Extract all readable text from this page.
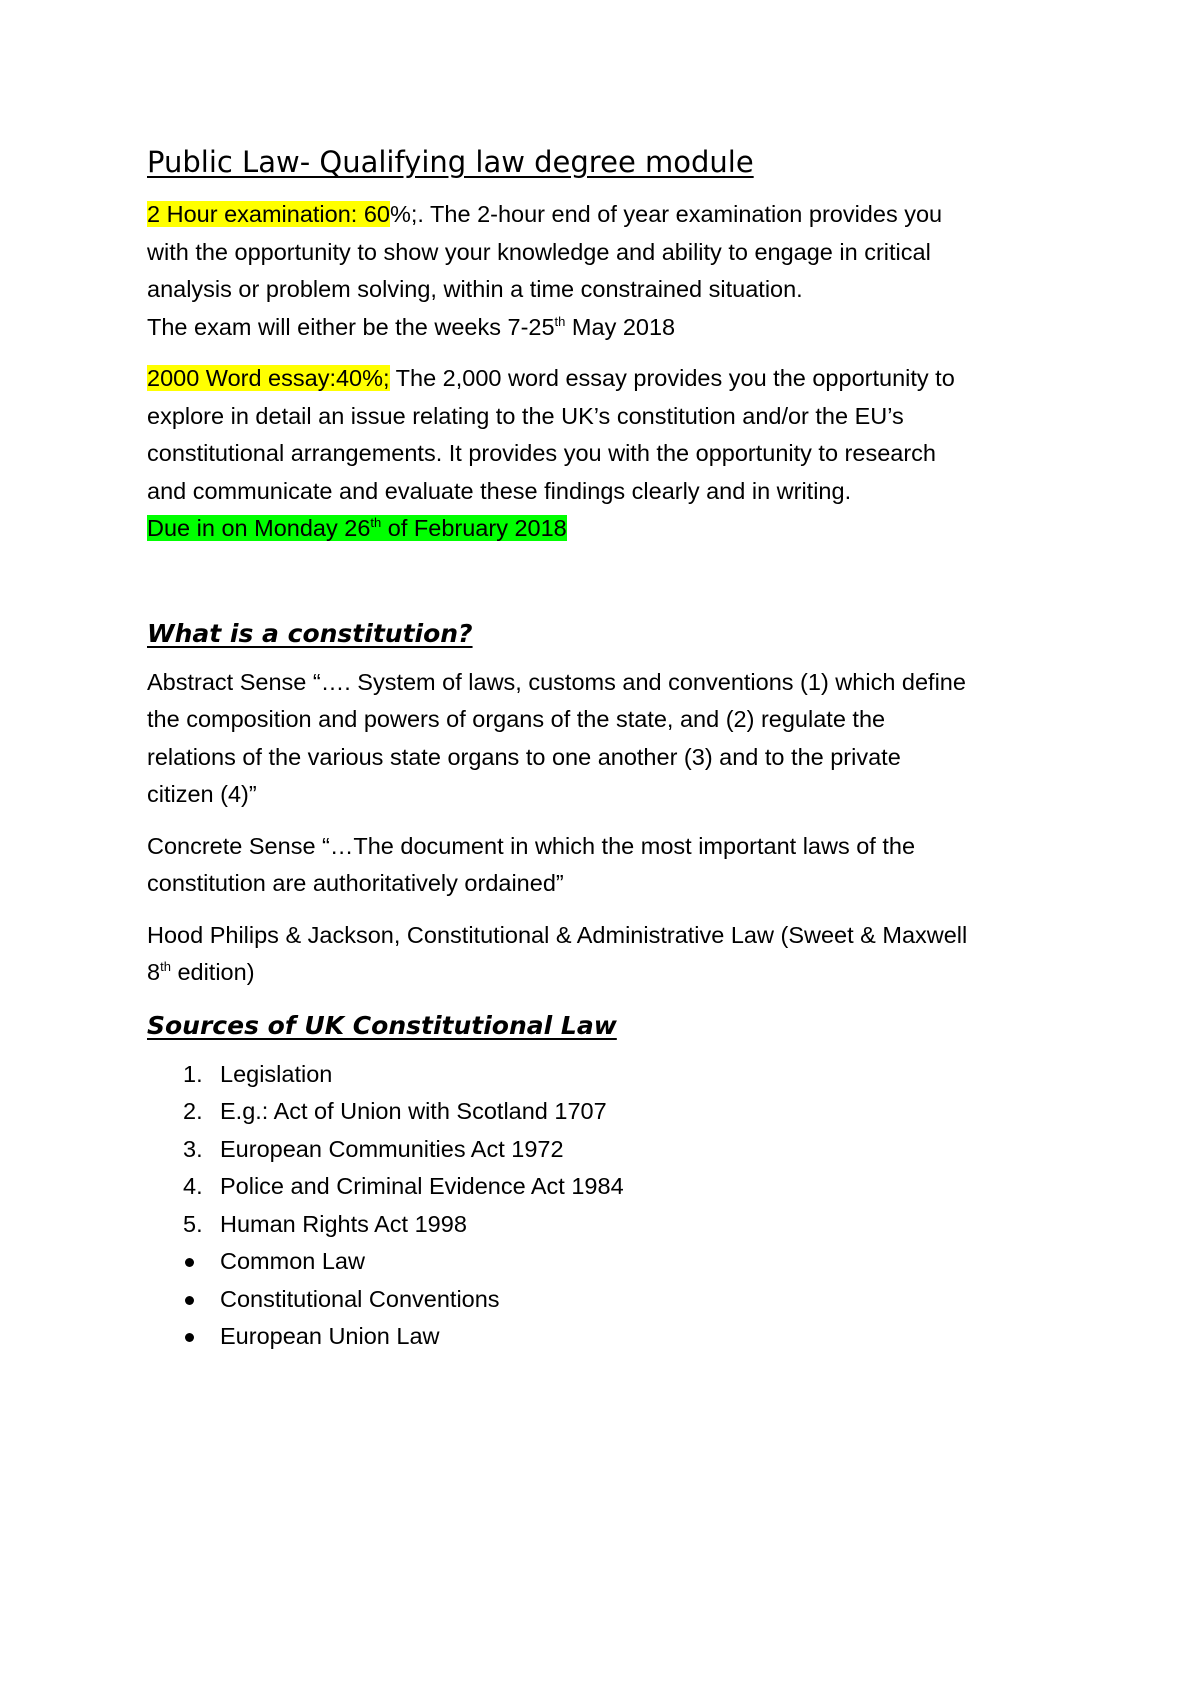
Public Law- Qualifying law degree module
2 Hour examination: 60%;. The 2-hour end of year examination provides you
with the opportunity to show your knowledge and ability to engage in critical
analysis or problem solving, within a time constrained situation.
The exam will either be the weeks 7-25th May 2018
2000 Word essay:40%; The 2,000 word essay provides you the opportunity to
explore in detail an issue relating to the UK’s constitution and/or the EU’s
constitutional arrangements. It provides you with the opportunity to research
and communicate and evaluate these findings clearly and in writing.
Due in on Monday 26th of February 2018
What is a constitution?
Abstract Sense “…. System of laws, customs and conventions (1) which define
the composition and powers of organs of the state, and (2) regulate the
relations of the various state organs to one another (3) and to the private
citizen (4)”
Concrete Sense “…The document in which the most important laws of the
constitution are authoritatively ordained”
Hood Philips & Jackson, Constitutional & Administrative Law (Sweet & Maxwell
8th edition)
Sources of UK Constitutional Law
1. Legislation
2. E.g.: Act of Union with Scotland 1707
3. European Communities Act 1972
4. Police and Criminal Evidence Act 1984
5. Human Rights Act 1998
Common Law
Constitutional Conventions
European Union Law
